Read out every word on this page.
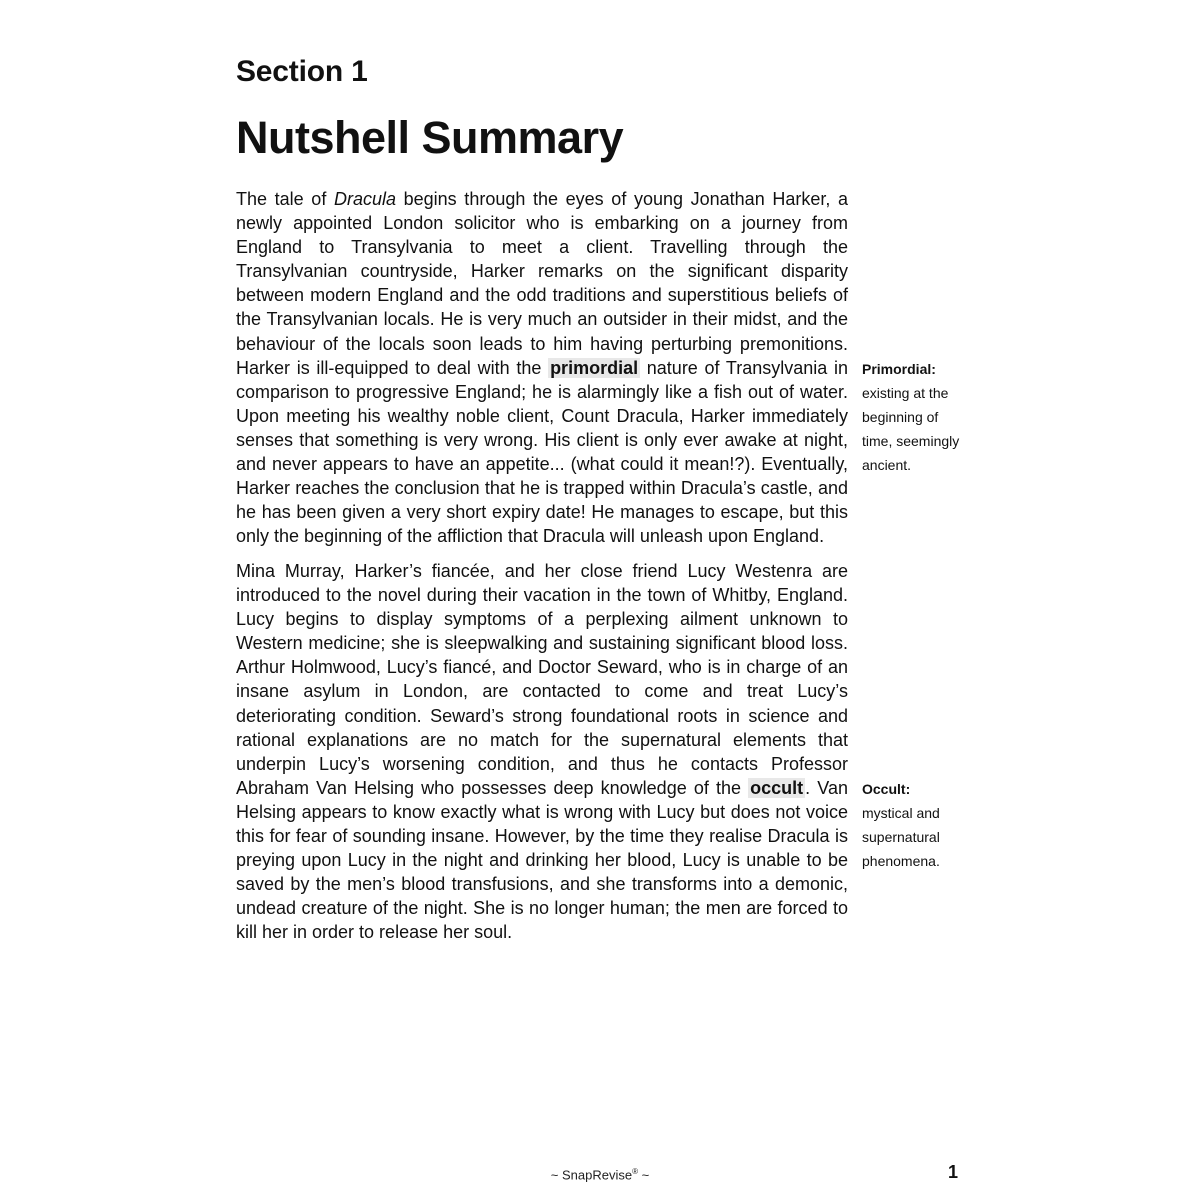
Section 1
Nutshell Summary

The tale of Dracula begins through the eyes of young Jonathan Harker, a newly appointed London solicitor who is embarking on a journey from England to Transylvania to meet a client. Travelling through the Transylvanian countryside, Harker remarks on the significant disparity between modern England and the odd traditions and superstitious beliefs of the Transylvanian locals. He is very much an outsider in their midst, and the behaviour of the locals soon leads to him having perturbing premonitions. Harker is ill-equipped to deal with the primordial nature of Transylvania in comparison to progressive England; he is alarmingly like a fish out of water. Upon meeting his wealthy noble client, Count Dracula, Harker immediately senses that something is very wrong. His client is only ever awake at night, and never appears to have an appetite... (what could it mean!?). Eventually, Harker reaches the conclusion that he is trapped within Dracula’s castle, and he has been given a very short expiry date! He manages to escape, but this only the beginning of the affliction that Dracula will unleash upon England.

Mina Murray, Harker’s fiancée, and her close friend Lucy Westenra are introduced to the novel during their vacation in the town of Whitby, England. Lucy begins to display symptoms of a perplexing ailment unknown to Western medicine; she is sleepwalking and sustaining significant blood loss. Arthur Holmwood, Lucy’s fiancé, and Doctor Seward, who is in charge of an insane asylum in London, are contacted to come and treat Lucy’s deteriorating condition. Seward’s strong foundational roots in science and rational explanations are no match for the supernatural elements that underpin Lucy’s worsening condition, and thus he contacts Professor Abraham Van Helsing who possesses deep knowledge of the occult . Van Helsing appears to know exactly what is wrong with Lucy but does not voice this for fear of sounding insane. However, by the time they realise Dracula is preying upon Lucy in the night and drinking her blood, Lucy is unable to be saved by the men’s blood transfusions, and she transforms into a demonic, undead creature of the night. She is no longer human; the men are forced to kill her in order to release her soul.

Primordial:
existing at the beginning of time, seemingly ancient.
Occult:
mystical and supernatural phenomena.
~ SnapRevise® ~	1
